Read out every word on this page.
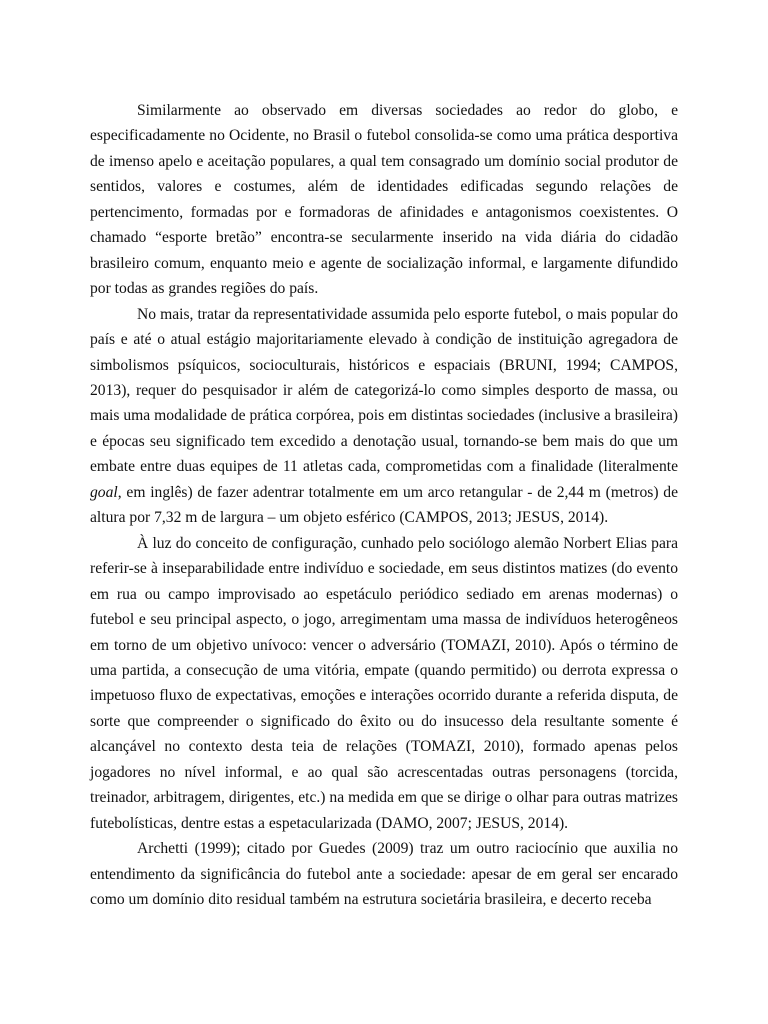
Similarmente ao observado em diversas sociedades ao redor do globo, e especificadamente no Ocidente, no Brasil o futebol consolida-se como uma prática desportiva de imenso apelo e aceitação populares, a qual tem consagrado um domínio social produtor de sentidos, valores e costumes, além de identidades edificadas segundo relações de pertencimento, formadas por e formadoras de afinidades e antagonismos coexistentes. O chamado “esporte bretão” encontra-se secularmente inserido na vida diária do cidadão brasileiro comum, enquanto meio e agente de socialização informal, e largamente difundido por todas as grandes regiões do país.

No mais, tratar da representatividade assumida pelo esporte futebol, o mais popular do país e até o atual estágio majoritariamente elevado à condição de instituição agregadora de simbolismos psíquicos, socioculturais, históricos e espaciais (BRUNI, 1994; CAMPOS, 2013), requer do pesquisador ir além de categorizá-lo como simples desporto de massa, ou mais uma modalidade de prática corpórea, pois em distintas sociedades (inclusive a brasileira) e épocas seu significado tem excedido a denotação usual, tornando-se bem mais do que um embate entre duas equipes de 11 atletas cada, comprometidas com a finalidade (literalmente goal, em inglês) de fazer adentrar totalmente em um arco retangular - de 2,44 m (metros) de altura por 7,32 m de largura – um objeto esférico (CAMPOS, 2013; JESUS, 2014).

À luz do conceito de configuração, cunhado pelo sociólogo alemão Norbert Elias para referir-se à inseparabilidade entre indivíduo e sociedade, em seus distintos matizes (do evento em rua ou campo improvisado ao espetáculo periódico sediado em arenas modernas) o futebol e seu principal aspecto, o jogo, arregimentam uma massa de indivíduos heterogêneos em torno de um objetivo unívoco: vencer o adversário (TOMAZI, 2010). Após o término de uma partida, a consecução de uma vitória, empate (quando permitido) ou derrota expressa o impetuoso fluxo de expectativas, emoções e interações ocorrido durante a referida disputa, de sorte que compreender o significado do êxito ou do insucesso dela resultante somente é alcançável no contexto desta teia de relações (TOMAZI, 2010), formado apenas pelos jogadores no nível informal, e ao qual são acrescentadas outras personagens (torcida, treinador, arbitragem, dirigentes, etc.) na medida em que se dirige o olhar para outras matrizes futebolísticas, dentre estas a espetacularizada (DAMO, 2007; JESUS, 2014).

Archetti (1999); citado por Guedes (2009) traz um outro raciocínio que auxilia no entendimento da significância do futebol ante a sociedade: apesar de em geral ser encarado como um domínio dito residual também na estrutura societária brasileira, e decerto receba
